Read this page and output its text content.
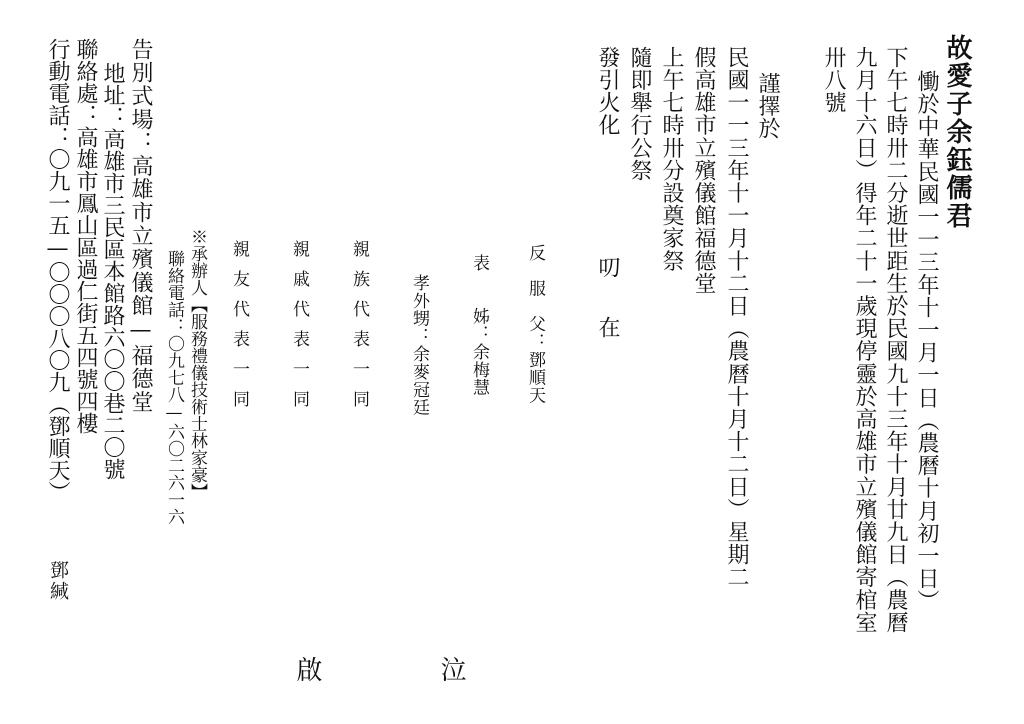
故愛子余鈺儒君
慟於中華民國一一三年十一月一日（農曆十月初一日）
下午七時卅二分逝世距生於民國九十三年十月廿九日（農曆
九月十六日）得年二十一歲現停靈於高雄市立殯儀館寄棺室
卅八號
謹擇於
民國一一三年十一月十二日（農曆十月十二日）星期二
假高雄市立殯儀館福德堂
上午七時卅分設奠家祭
隨即舉行公祭
發引火化
叨　在
反　服　父：鄧順天
表　　姊：余梅慧
孝外甥：余麥冠廷
親族代表一同
親戚代表一同
親友代表一同
※承辦人【服務禮儀技術士林家豪】
聯絡電話：〇九七八—六〇二六一六
告別式場：高雄市立殯儀館—福德堂
地址：高雄市三民區本館路六〇〇巷二〇號
聯絡處：高雄市鳳山區過仁街五四號四樓
行動電話：〇九一五—〇〇〇八〇九（鄧順天）
鄧緘
泣
啟
